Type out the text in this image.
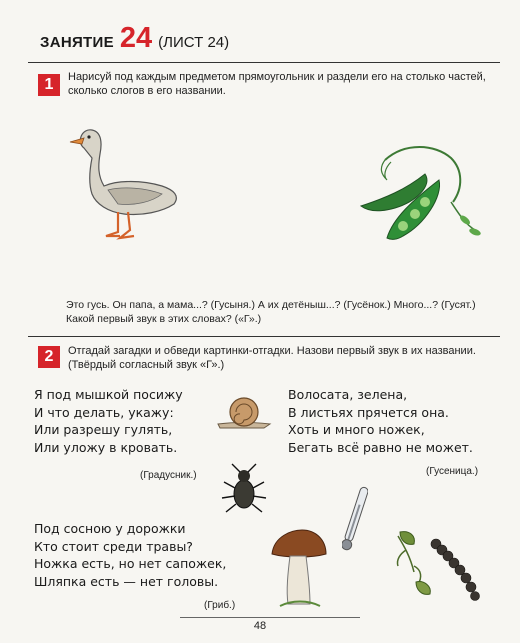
ЗАНЯТИЕ 24 (ЛИСТ 24)
1	Нарисуй под каждым предметом прямоугольник и раздели его на столько частей, сколько слогов в его названии.
Это гусь. Он папа, а мама...? (Гусыня.) А их детёныш...? (Гусёнок.) Много...? (Гусят.) Какой первый звук в этих словах? («Г».)
2	Отгадай загадки и обведи картинки-отгадки. Назови первый звук в их названии. (Твёрдый согласный звук «Г».)
Я под мышкой посижу
И что делать, укажу:
Или разрешу гулять,
Или уложу в кровать.
(Градусник.)
Волосата, зелена,
В листьях прячется она.
Хоть и много ножек,
Бегать всё равно не может.
(Гусеница.)
Под сосною у дорожки
Кто стоит среди травы?
Ножка есть, но нет сапожек,
Шляпка есть — нет головы.
(Гриб.)
48
